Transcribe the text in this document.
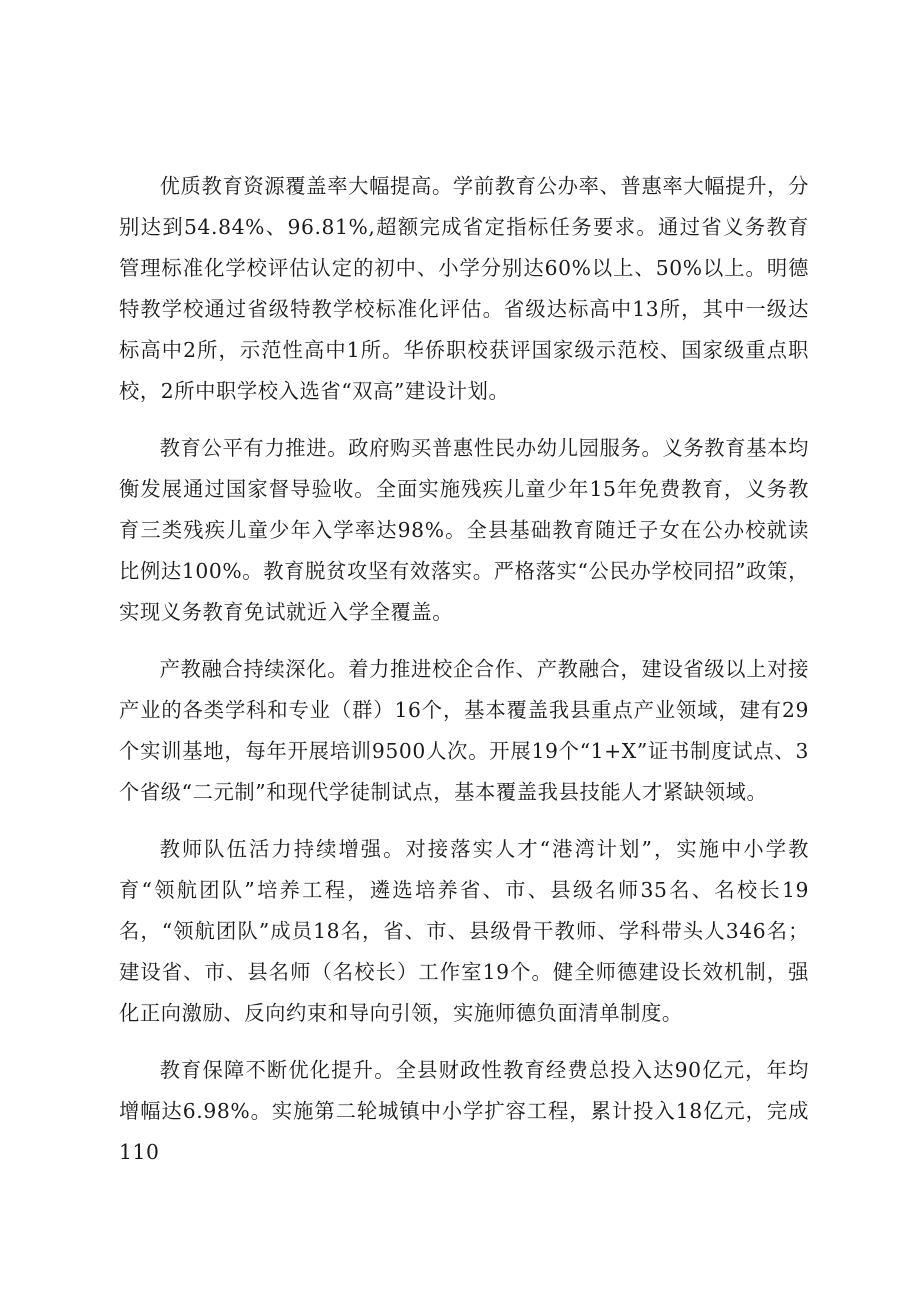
优质教育资源覆盖率大幅提高。学前教育公办率、普惠率大幅提升，分别达到54.84%、96.81%,超额完成省定指标任务要求。通过省义务教育管理标准化学校评估认定的初中、小学分别达60%以上、50%以上。明德特教学校通过省级特教学校标准化评估。省级达标高中13所，其中一级达标高中2所，示范性高中1所。华侨职校获评国家级示范校、国家级重点职校，2所中职学校入选省“双高”建设计划。

教育公平有力推进。政府购买普惠性民办幼儿园服务。义务教育基本均衡发展通过国家督导验收。全面实施残疾儿童少年15年免费教育，义务教育三类残疾儿童少年入学率达98%。全县基础教育随迁子女在公办校就读比例达100%。教育脱贫攻坚有效落实。严格落实“公民办学校同招”政策，实现义务教育免试就近入学全覆盖。

产教融合持续深化。着力推进校企合作、产教融合，建设省级以上对接产业的各类学科和专业（群）16个，基本覆盖我县重点产业领域，建有29个实训基地，每年开展培训9500人次。开展19个“1+X”证书制度试点、3个省级“二元制”和现代学徒制试点，基本覆盖我县技能人才紧缺领域。

教师队伍活力持续增强。对接落实人才“港湾计划”，实施中小学教育“领航团队”培养工程，遴选培养省、市、县级名师35名、名校长19名，“领航团队”成员18名，省、市、县级骨干教师、学科带头人346名；建设省、市、县名师（名校长）工作室19个。健全师德建设长效机制，强化正向激励、反向约束和导向引领，实施师德负面清单制度。

教育保障不断优化提升。全县财政性教育经费总投入达90亿元，年均增幅达6.98%。实施第二轮城镇中小学扩容工程，累计投入18亿元，完成110
